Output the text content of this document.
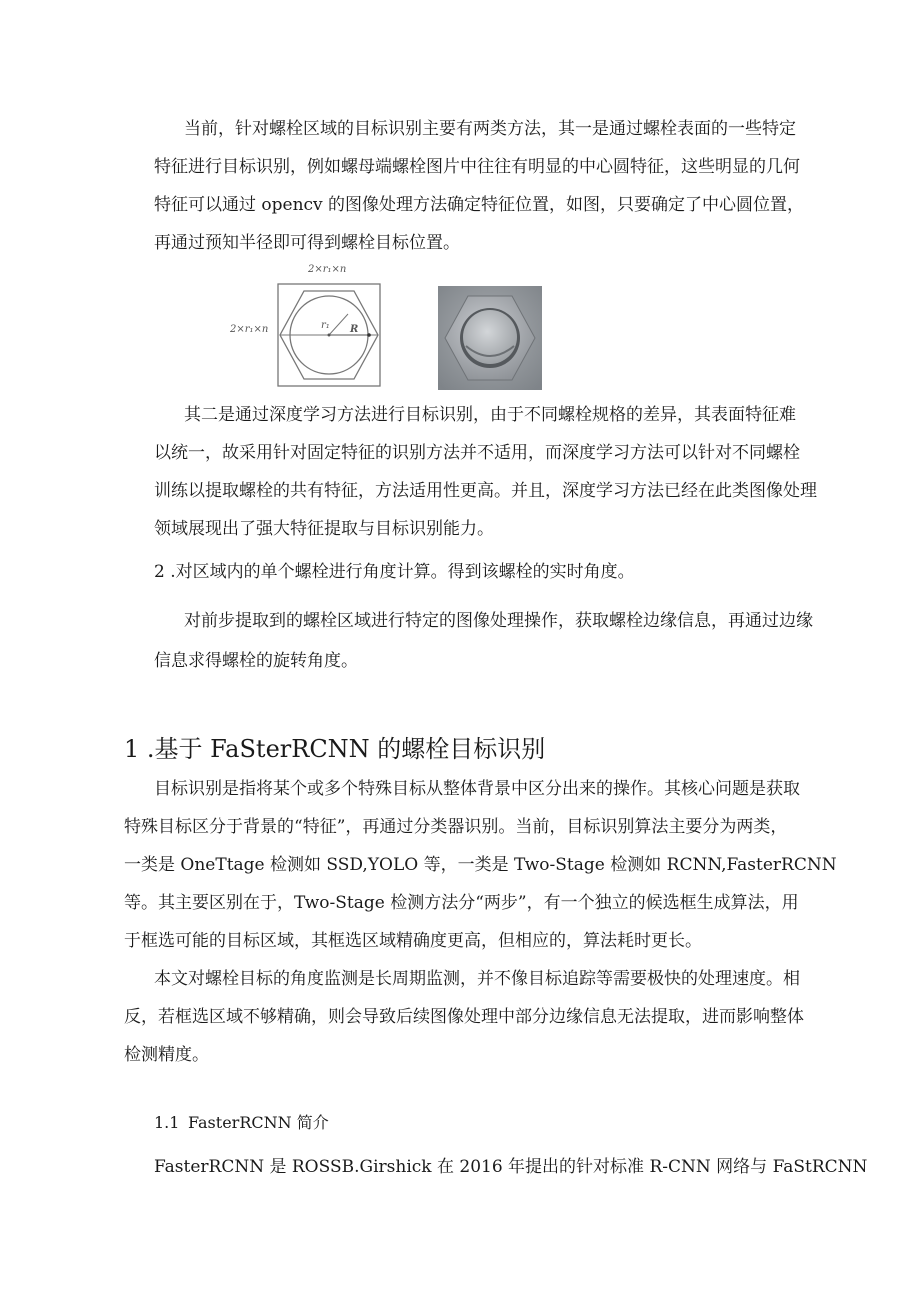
当前，针对螺栓区域的目标识别主要有两类方法，其一是通过螺栓表面的一些特定
特征进行目标识别，例如螺母端螺栓图片中往往有明显的中心圆特征，这些明显的几何
特征可以通过 opencv 的图像处理方法确定特征位置，如图，只要确定了中心圆位置，
再通过预知半径即可得到螺栓目标位置。
2×r₁×n
2×r₁×n	r₁ R
其二是通过深度学习方法进行目标识别，由于不同螺栓规格的差异，其表面特征难
以统一，故采用针对固定特征的识别方法并不适用，而深度学习方法可以针对不同螺栓
训练以提取螺栓的共有特征，方法适用性更高。并且，深度学习方法已经在此类图像处理
领域展现出了强大特征提取与目标识别能力。
2 .对区域内的单个螺栓进行角度计算。得到该螺栓的实时角度。
对前步提取到的螺栓区域进行特定的图像处理操作，获取螺栓边缘信息，再通过边缘
信息求得螺栓的旋转角度。
1 .基于 FaSterRCNN 的螺栓目标识别
目标识别是指将某个或多个特殊目标从整体背景中区分出来的操作。其核心问题是获取
特殊目标区分于背景的“特征”，再通过分类器识别。当前，目标识别算法主要分为两类，
一类是 OneTtage 检测如 SSD,YOLO 等，一类是 Two-Stage 检测如 RCNN,FasterRCNN
等。其主要区别在于，Two-Stage 检测方法分“两步”，有一个独立的候选框生成算法，用
于框选可能的目标区域，其框选区域精确度更高，但相应的，算法耗时更长。
本文对螺栓目标的角度监测是长周期监测，并不像目标追踪等需要极快的处理速度。相
反，若框选区域不够精确，则会导致后续图像处理中部分边缘信息无法提取，进而影响整体
检测精度。
1.1 FasterRCNN 简介
FasterRCNN 是 ROSSB.Girshick 在 2016 年提出的针对标准 R-CNN 网络与 FaStRCNN
